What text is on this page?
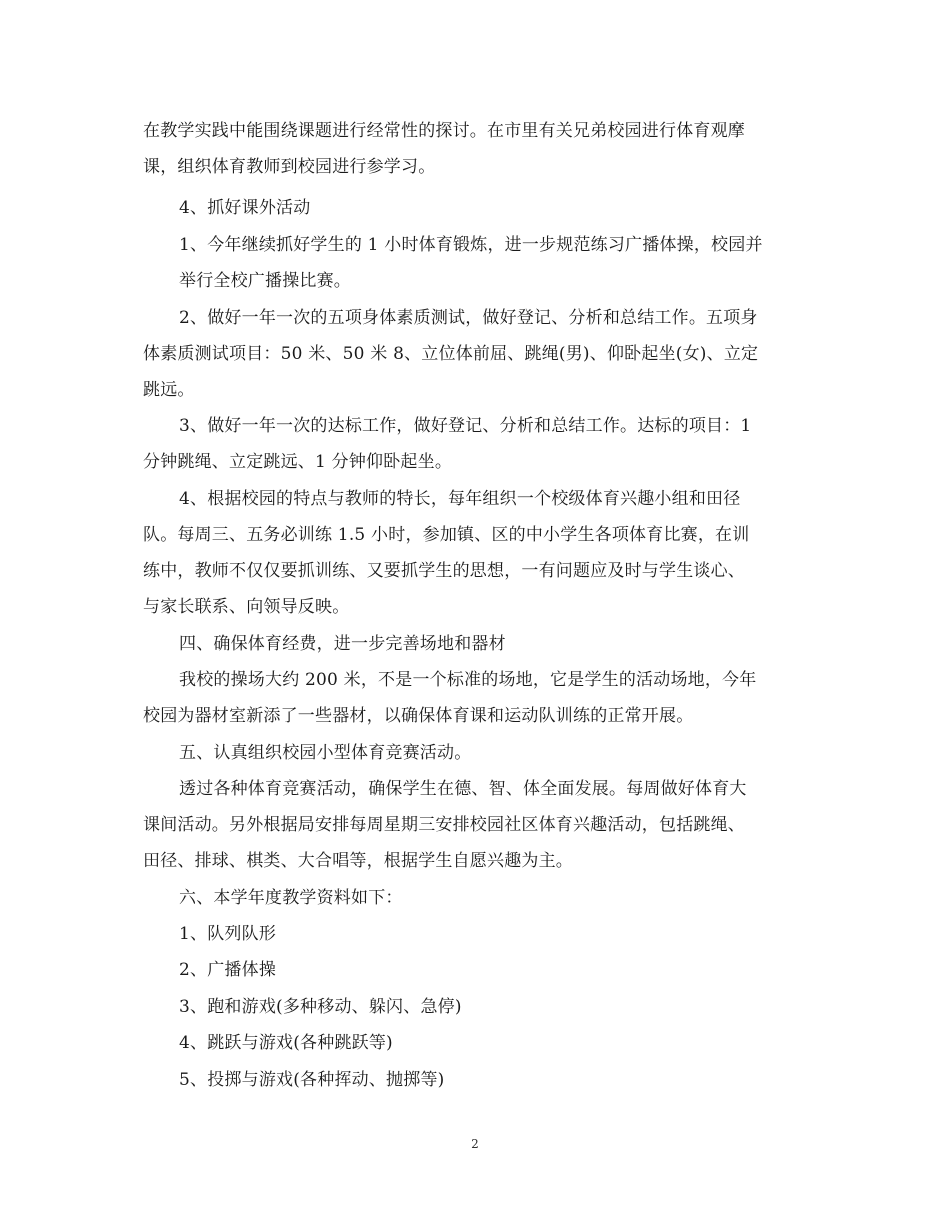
在教学实践中能围绕课题进行经常性的探讨。在市里有关兄弟校园进行体育观摩
课，组织体育教师到校园进行参学习。

4、抓好课外活动

1、今年继续抓好学生的 1 小时体育锻炼，进一步规范练习广播体操，校园并
举行全校广播操比赛。

2、做好一年一次的五项身体素质测试，做好登记、分析和总结工作。五项身
体素质测试项目：50 米、50 米 8、立位体前屈、跳绳(男)、仰卧起坐(女)、立定
跳远。

3、做好一年一次的达标工作，做好登记、分析和总结工作。达标的项目：1
分钟跳绳、立定跳远、1 分钟仰卧起坐。

4、根据校园的特点与教师的特长，每年组织一个校级体育兴趣小组和田径
队。每周三、五务必训练 1.5 小时，参加镇、区的中小学生各项体育比赛，在训
练中，教师不仅仅要抓训练、又要抓学生的思想，一有问题应及时与学生谈心、
与家长联系、向领导反映。

四、确保体育经费，进一步完善场地和器材

我校的操场大约 200 米，不是一个标准的场地，它是学生的活动场地，今年
校园为器材室新添了一些器材，以确保体育课和运动队训练的正常开展。

五、认真组织校园小型体育竞赛活动。

透过各种体育竞赛活动，确保学生在德、智、体全面发展。每周做好体育大
课间活动。另外根据局安排每周星期三安排校园社区体育兴趣活动，包括跳绳、
田径、排球、棋类、大合唱等，根据学生自愿兴趣为主。

六、本学年度教学资料如下：

1、队列队形

2、广播体操

3、跑和游戏(多种移动、躲闪、急停)

4、跳跃与游戏(各种跳跃等)

5、投掷与游戏(各种挥动、抛掷等)

2
